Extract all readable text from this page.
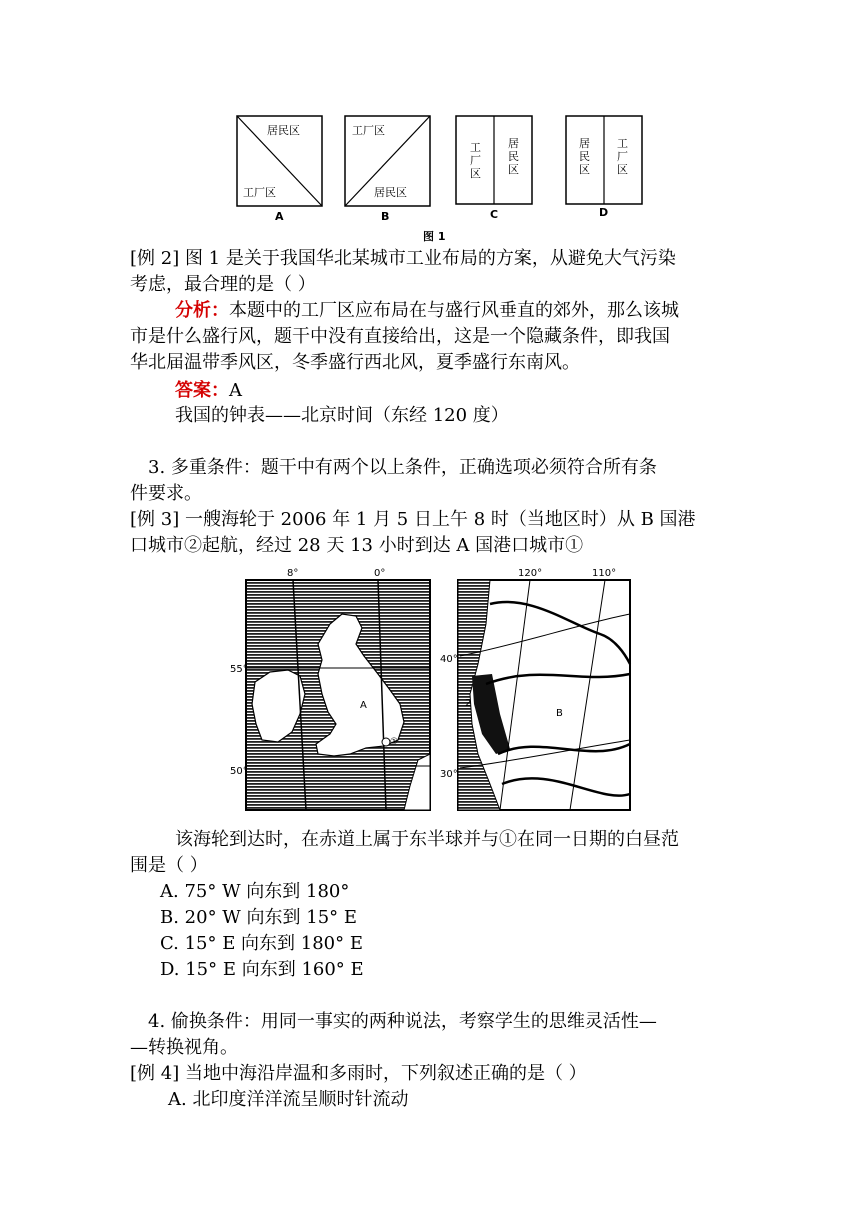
居民区
工厂区
A
工厂区
居民区
B
工厂区
居民区
C
居民区
工厂区
D
图 1
[例 2] 图 1 是关于我国华北某城市工业布局的方案，从避免大气污染
考虑，最合理的是（ ）
分析：本题中的工厂区应布局在与盛行风垂直的郊外，那么该城
市是什么盛行风，题干中没有直接给出，这是一个隐藏条件，即我国
华北届温带季风区，冬季盛行西北风，夏季盛行东南风。
答案：A
我国的钟表——北京时间（东经 120 度）
3. 多重条件：题干中有两个以上条件，正确选项必须符合所有条
件要求。
[例 3] 一艘海轮于 2006 年 1 月 5 日上午 8 时（当地区时）从 B 国港
口城市②起航，经过 28 天 13 小时到达 A 国港口城市①
8°	0°
55°
50°
A
①
120°	110°
40°
30°
B
2
该海轮到达时，在赤道上属于东半球并与①在同一日期的白昼范
围是（ ）
A. 75° W 向东到 180°
B. 20° W 向东到 15° E
C. 15° E 向东到 180° E
D. 15° E 向东到 160° E
4. 偷换条件：用同一事实的两种说法，考察学生的思维灵活性—
—转换视角。
[例 4] 当地中海沿岸温和多雨时，下列叙述正确的是（ ）
A. 北印度洋洋流呈顺时针流动
